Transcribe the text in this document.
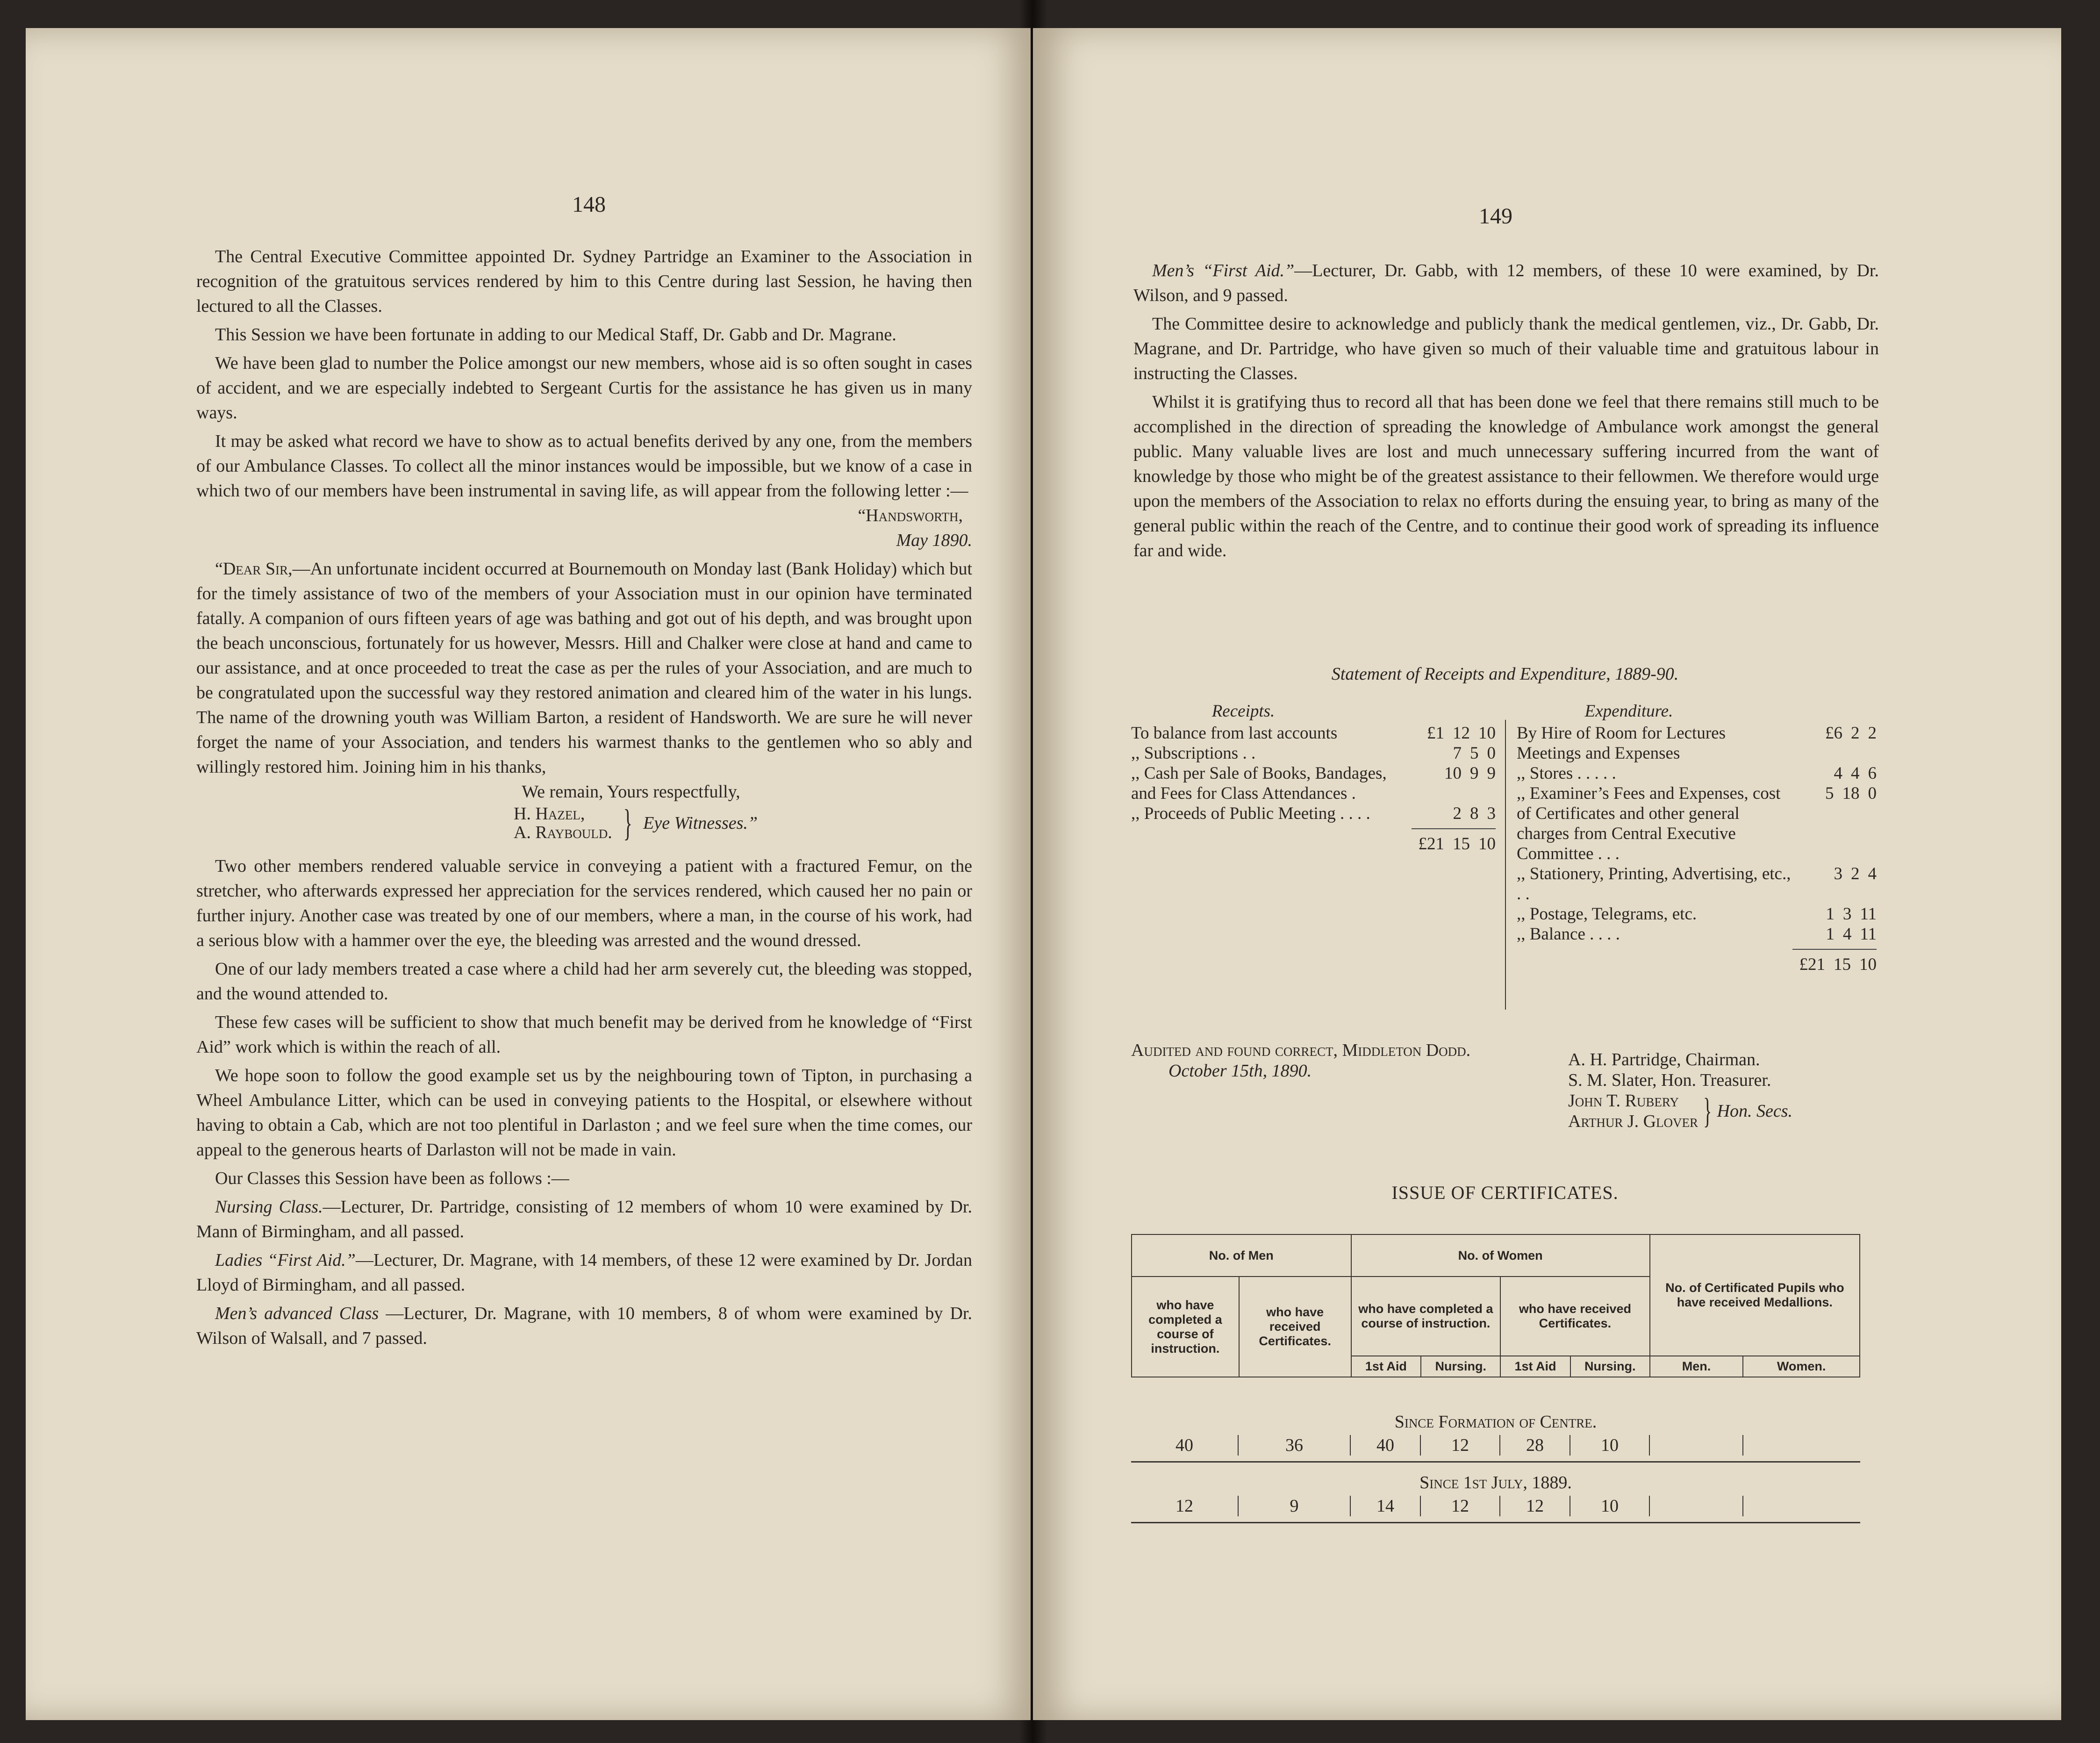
148

The Central Executive Committee appointed Dr. Sydney Partridge an Examiner to the Association in recognition of the gratuitous services rendered by him to this Centre during last Session, he having then lectured to all the Classes.

This Session we have been fortunate in adding to our Medical Staff, Dr. Gabb and Dr. Magrane.

We have been glad to number the Police amongst our new members, whose aid is so often sought in cases of accident, and we are especially indebted to Sergeant Curtis for the assistance he has given us in many ways.

It may be asked what record we have to show as to actual benefits derived by any one, from the members of our Ambulance Classes. To collect all the minor instances would be impossible, but we know of a case in which two of our members have been instrumental in saving life, as will appear from the following letter :—

“Handsworth,
May 1890.

“Dear Sir,—An unfortunate incident occurred at Bournemouth on Monday last (Bank Holiday) which but for the timely assistance of two of the members of your Association must in our opinion have terminated fatally. A companion of ours fifteen years of age was bathing and got out of his depth, and was brought upon the beach unconscious, fortunately for us however, Messrs. Hill and Chalker were close at hand and came to our assistance, and at once proceeded to treat the case as per the rules of your Association, and are much to be congratulated upon the successful way they restored animation and cleared him of the water in his lungs. The name of the drowning youth was William Barton, a resident of Handsworth. We are sure he will never forget the name of your Association, and tenders his warmest thanks to the gentlemen who so ably and willingly restored him. Joining him in his thanks,

We remain, Yours respectfully,
H. Hazel,
A. Raybould. } Eye Witnesses.”

Two other members rendered valuable service in conveying a patient with a fractured Femur, on the stretcher, who afterwards expressed her appreciation for the services rendered, which caused her no pain or further injury. Another case was treated by one of our members, where a man, in the course of his work, had a serious blow with a hammer over the eye, the bleeding was arrested and the wound dressed.

One of our lady members treated a case where a child had her arm severely cut, the bleeding was stopped, and the wound attended to.

These few cases will be sufficient to show that much benefit may be derived from he knowledge of “First Aid” work which is within the reach of all.

We hope soon to follow the good example set us by the neighbouring town of Tipton, in purchasing a Wheel Ambulance Litter, which can be used in conveying patients to the Hospital, or elsewhere without having to obtain a Cab, which are not too plentiful in Darlaston ; and we feel sure when the time comes, our appeal to the generous hearts of Darlaston will not be made in vain.

Our Classes this Session have been as follows :—

Nursing Class.—Lecturer, Dr. Partridge, consisting of 12 members of whom 10 were examined by Dr. Mann of Birmingham, and all passed.

Ladies “First Aid.”—Lecturer, Dr. Magrane, with 14 members, of these 12 were examined by Dr. Jordan Lloyd of Birmingham, and all passed.

Men’s advanced Class —Lecturer, Dr. Magrane, with 10 members, 8 of whom were examined by Dr. Wilson of Walsall, and 7 passed.

149

Men’s “First Aid.”—Lecturer, Dr. Gabb, with 12 members, of these 10 were examined, by Dr. Wilson, and 9 passed.

The Committee desire to acknowledge and publicly thank the medical gentlemen, viz., Dr. Gabb, Dr. Magrane, and Dr. Partridge, who have given so much of their valuable time and gratuitous labour in instructing the Classes.

Whilst it is gratifying thus to record all that has been done we feel that there remains still much to be accomplished in the direction of spreading the knowledge of Ambulance work amongst the general public. Many valuable lives are lost and much unnecessary suffering incurred from the want of knowledge by those who might be of the greatest assistance to their fellowmen. We therefore would urge upon the members of the Association to relax no efforts during the ensuing year, to bring as many of the general public within the reach of the Centre, and to continue their good work of spreading its influence far and wide.

Statement of Receipts and Expenditure, 1889-90.
Receipts.
To balance from last accounts	£1 12 10
,, Subscriptions . .	7 5 0
,, Cash per Sale of Books, Bandages, and Fees for Class Attendances .
10 9 9
,, Proceeds of Public Meeting . . . .	2 8 3
£21 15 10
Expenditure.
By Hire of Room for Lectures Meetings and Expenses
£6 2 2
,, Stores . . . . .	4 4 6
,, Examiner’s Fees and Expenses, cost of Certificates and other general charges from Central Executive Committee . . .
5 18 0
,, Stationery, Printing, Advertising, etc., . .
3 2 4
,, Postage, Telegrams, etc.	1 3 11
,, Balance . . . .	1 4 11
£21 15 10
Audited and found correct, Middleton Dodd.
October 15th, 1890.
A. H. Partridge, Chairman.
S. M. Slater, Hon. Treasurer.
John T. Rubery
Arthur J. Glover } Hon. Secs.
ISSUE OF CERTIFICATES.
No. of Men		No. of Women				No. of Certificated Pupils who have received Medallions.	
who have completed a course of instruction.	who have received Certificates.	who have completed a course of instruction.		who have received Certificates.			
		1st Aid	Nursing.	1st Aid	Nursing.	Men.	Women.
Since Formation of Centre.
40	36	40	12	28	10
Since 1st July, 1889.
12	9	14	12	12	10
